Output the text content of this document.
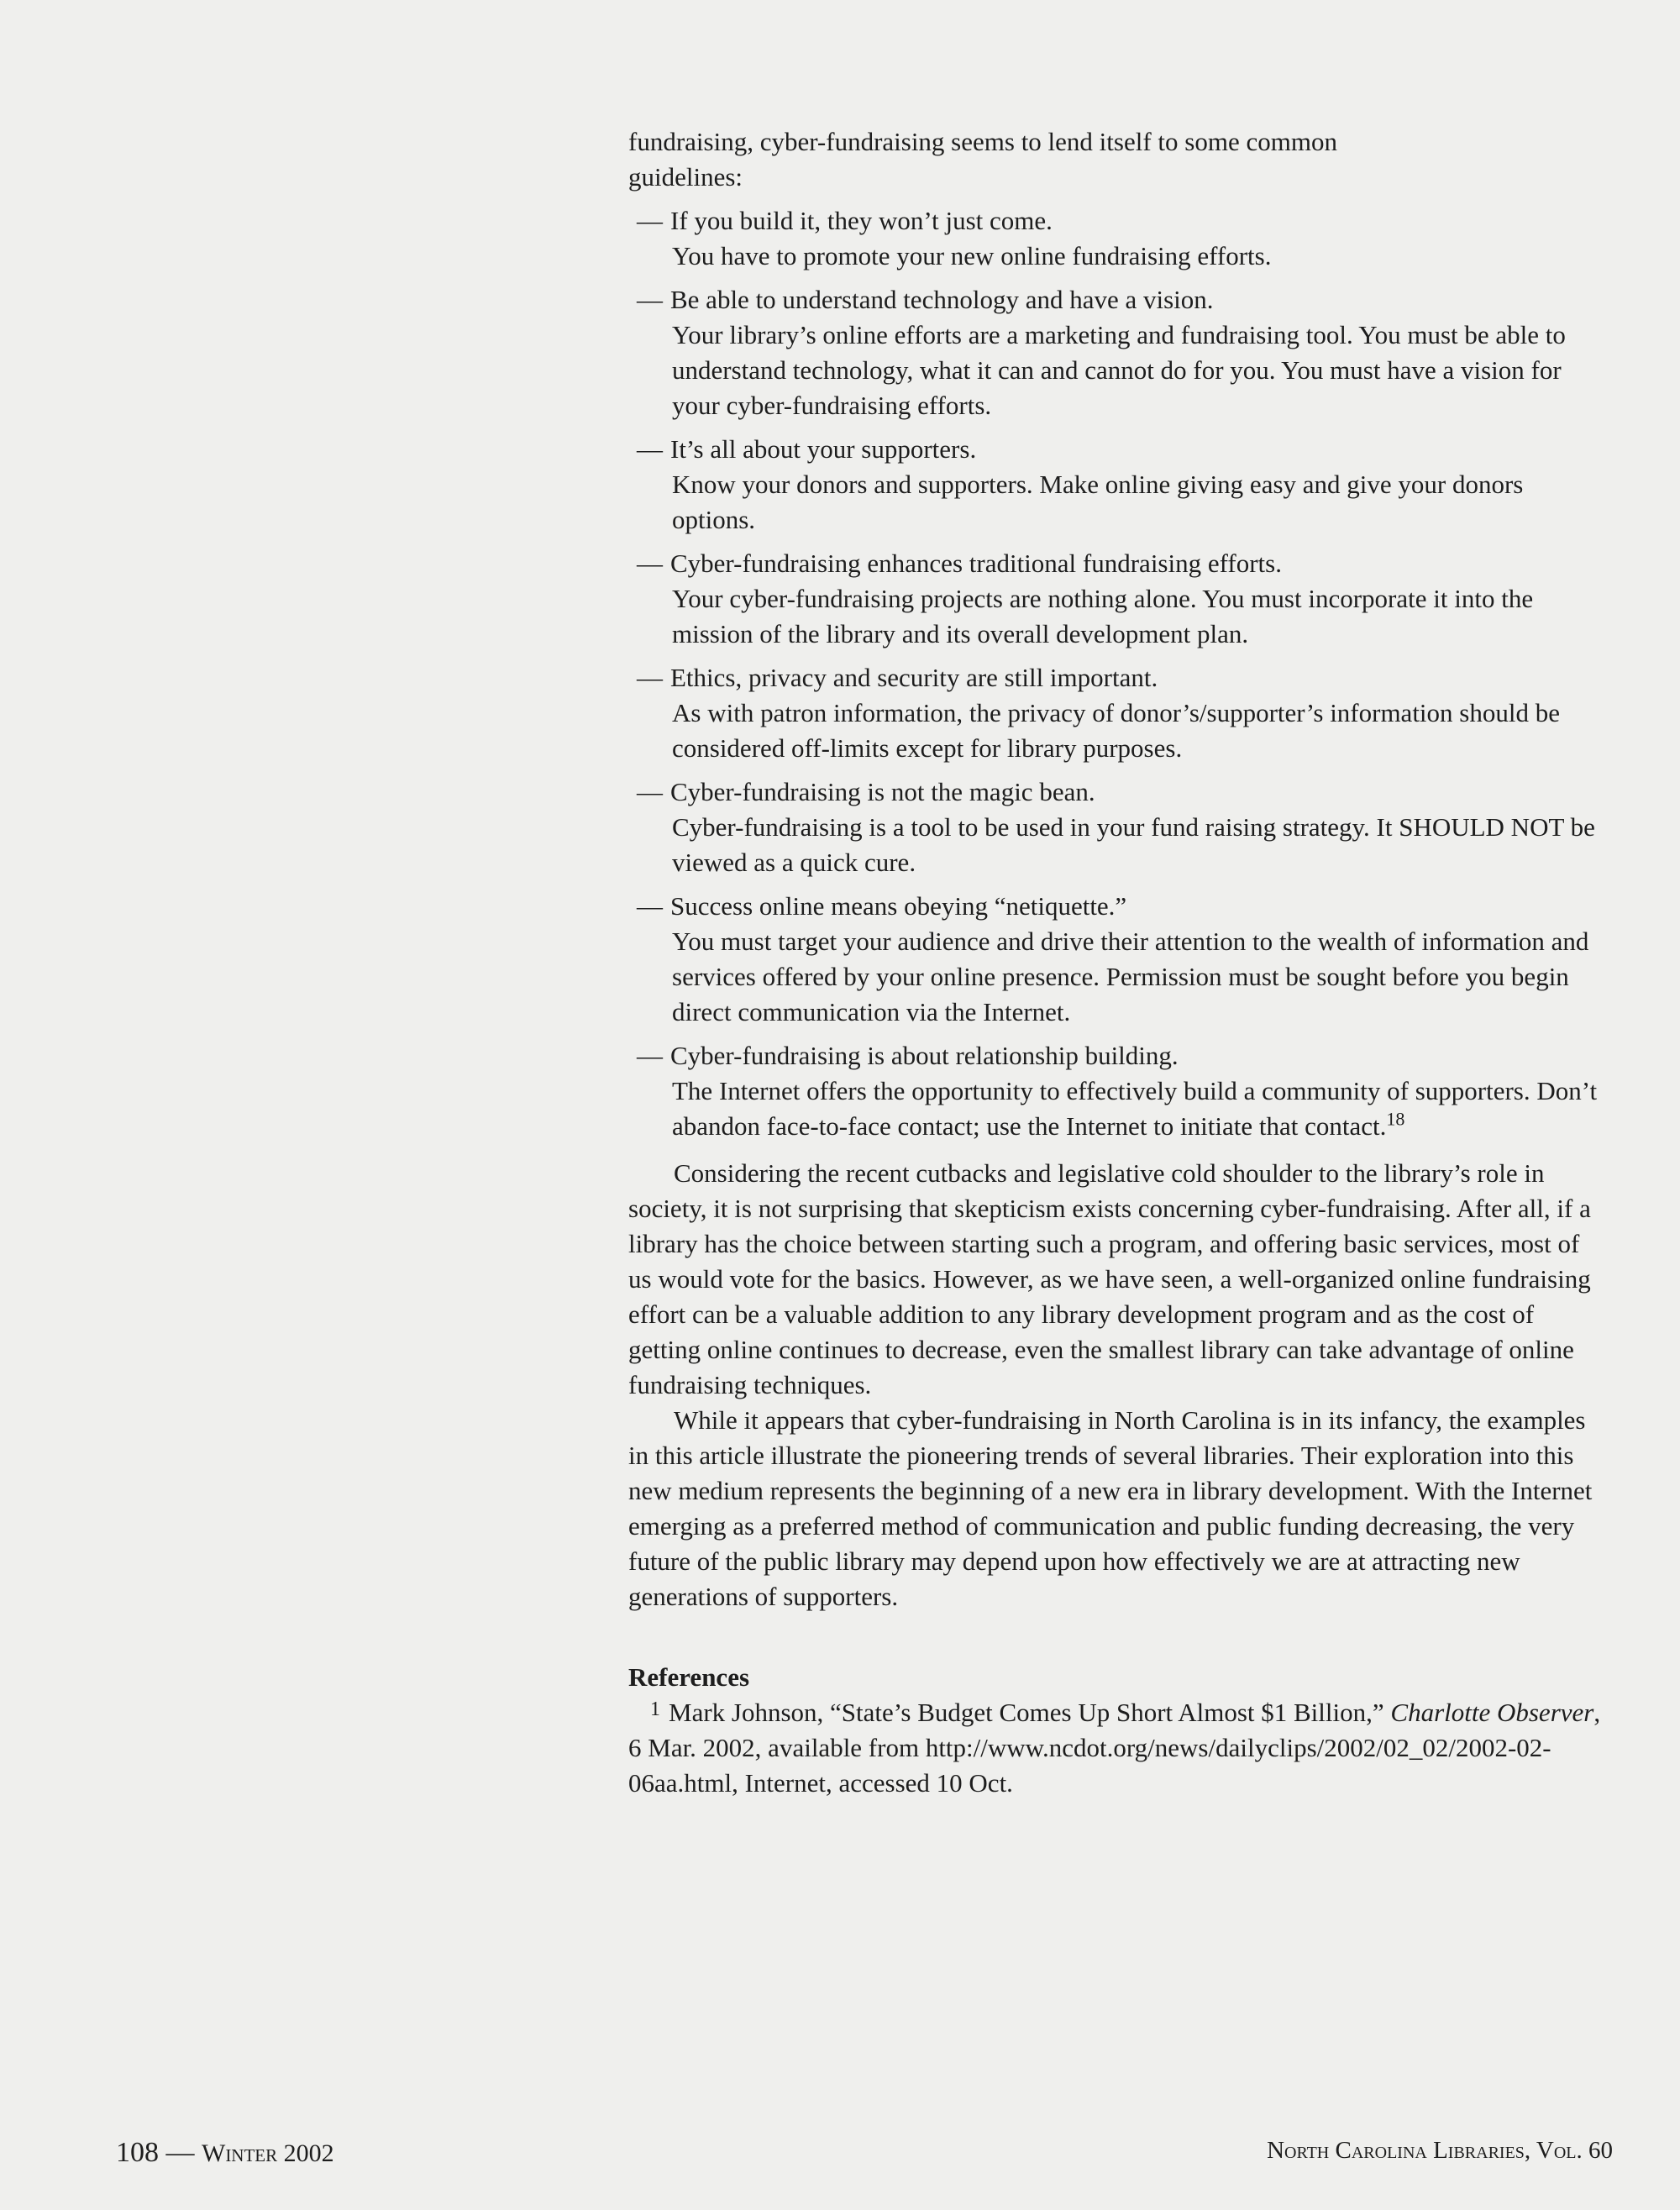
fundraising, cyber-fundraising seems to lend itself to some common
guidelines:
— If you build it, they won’t just come.
You have to promote your new online fundraising efforts.
— Be able to understand technology and have a vision.
Your library’s online efforts are a marketing and fundraising tool. You must be able to understand technology, what it can and cannot do for you. You must have a vision for your cyber-fundraising efforts.
— It’s all about your supporters.
Know your donors and supporters. Make online giving easy and give your donors options.
— Cyber-fundraising enhances traditional fundraising efforts.
Your cyber-fundraising projects are nothing alone. You must incorporate it into the mission of the library and its overall development plan.
— Ethics, privacy and security are still important.
As with patron information, the privacy of donor’s/supporter’s information should be considered off-limits except for library purposes.
— Cyber-fundraising is not the magic bean.
Cyber-fundraising is a tool to be used in your fund raising strategy. It SHOULD NOT be viewed as a quick cure.
— Success online means obeying “netiquette.”
You must target your audience and drive their attention to the wealth of information and services offered by your online presence. Permission must be sought before you begin direct communication via the Internet.
— Cyber-fundraising is about relationship building.
The Internet offers the opportunity to effectively build a community of supporters. Don’t abandon face-to-face contact; use the Internet to initiate that contact.$^{18}$

Considering the recent cutbacks and legislative cold shoulder to the library’s role in society, it is not surprising that skepticism exists concerning cyber-fundraising. After all, if a library has the choice between starting such a program, and offering basic services, most of us would vote for the basics. However, as we have seen, a well-organized online fundraising effort can be a valuable addition to any library development program and as the cost of getting online continues to decrease, even the smallest library can take advantage of online fundraising techniques.

While it appears that cyber-fundraising in North Carolina is in its infancy, the examples in this article illustrate the pioneering trends of several libraries. Their exploration into this new medium represents the beginning of a new era in library development. With the Internet emerging as a preferred method of communication and public funding decreasing, the very future of the public library may depend upon how effectively we are at attracting new generations of supporters.

References

1 Mark Johnson, “State’s Budget Comes Up Short Almost $1 Billion,” Charlotte Observer, 6 Mar. 2002, available from http://www.ncdot.org/news/dailyclips/2002/02_02/2002-02-06aa.html, Internet, accessed 10 Oct.

108 — Winter 2002	North Carolina Libraries, Vol. 60
